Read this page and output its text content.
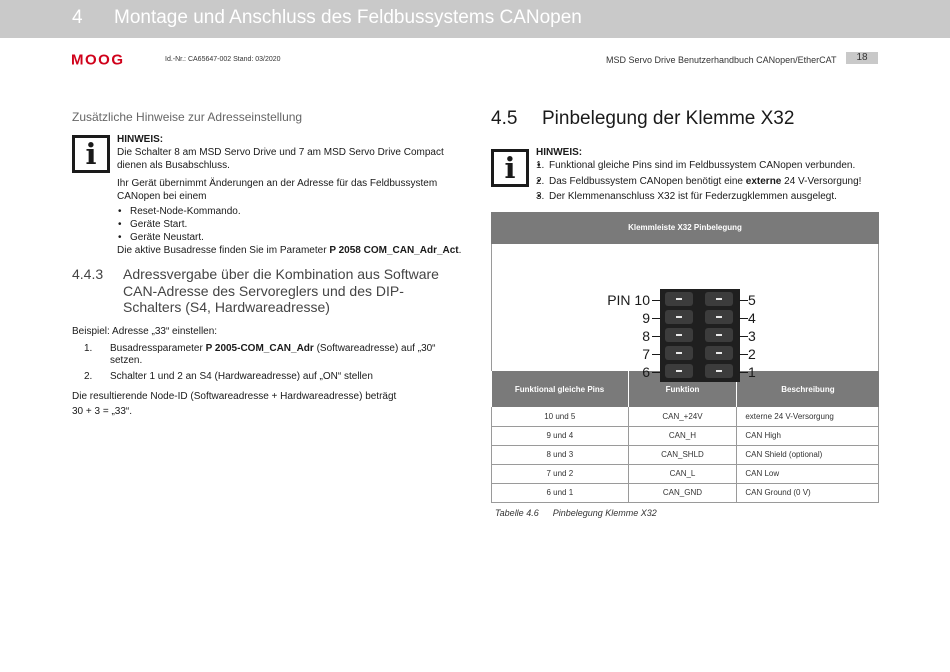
4 Montage und Anschluss des Feldbussystems CANopen
MOOG	Id.-Nr.: CA65647-002 Stand: 03/2020	MSD Servo Drive Benutzerhandbuch CANopen/EtherCAT	18
Zusätzliche Hinweise zur Adresseinstellung
i	HINWEIS:

Die Schalter 8 am MSD Servo Drive und 7 am MSD Servo Drive Compact dienen als Busabschluss.

Ihr Gerät übernimmt Änderungen an der Adresse für das Feldbussystem CANopen bei einem

• Reset-Node-Kommando.
• Geräte Start.
• Geräte Neustart.

Die aktive Busadresse finden Sie im Parameter P 2058 COM_CAN_Adr_Act.

4.4.3 Adressvergabe über die Kombination aus Software CAN-Adresse des Servoreglers und des DIP-Schalters (S4, Hardwareadresse)
Beispiel: Adresse „33“ einstellen:
1. Busadressparameter P 2005-COM_CAN_Adr (Softwareadresse) auf „30“ setzen.
2. Schalter 1 und 2 an S4 (Hardwareadresse) auf „ON“ stellen
Die resultierende Node-ID (Softwareadresse + Hardwareadresse) beträgt
30 + 3 = „33“.
4.5 Pinbelegung der Klemme X32
i	HINWEIS:

• 1. Funktional gleiche Pins sind im Feldbussystem CANopen verbunden.
• 2. Das Feldbussystem CANopen benötigt eine externe 24 V-Versorgung!
• 3. Der Klemmenanschluss X32 ist für Federzugklemmen ausgelegt.
Klemmleiste X32 Pinbelegung
PIN 10
9
8
7
6
5
4
3
2
1
Funktional gleiche Pins	Funktion	Beschreibung
10 und 5	CAN_+24V	externe 24 V-Versorgung
9 und 4	CAN_H	CAN High
8 und 3	CAN_SHLD	CAN Shield (optional)
7 und 2	CAN_L	CAN Low
6 und 1	CAN_GND	CAN Ground (0 V)
Tabelle 4.6 Pinbelegung Klemme X32
